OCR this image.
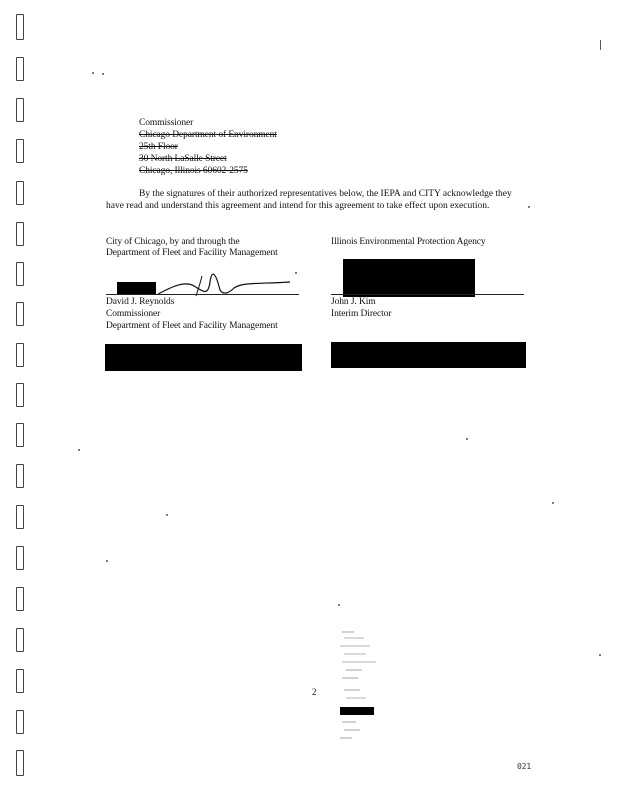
Commissioner
Chicago Department of Environment
25th Floor
30 North LaSalle Street
Chicago, Illinois 60602-2575
By the signatures of their authorized representatives below, the IEPA and CITY acknowledge they have read and understand this agreement and intend for this agreement to take effect upon execution.
City of Chicago, by and through the
Department of Fleet and Facility Management
David J. Reynolds
Commissioner
Department of Fleet and Facility Management
Illinois Environmental Protection Agency
John J. Kim
Interim Director
2
021
